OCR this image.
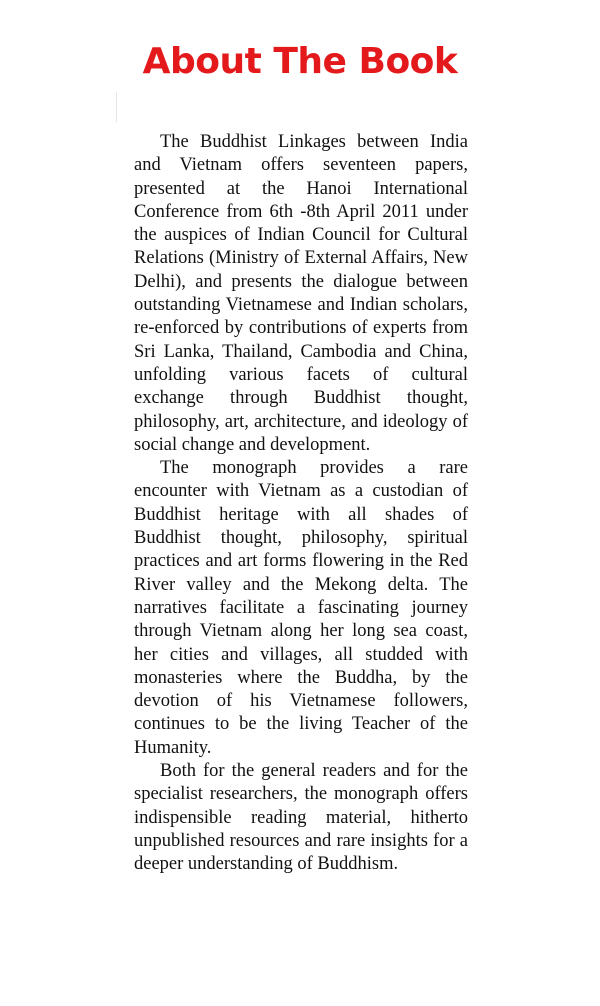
About The Book

The Buddhist Linkages between India and Vietnam offers seventeen papers, presented at the Hanoi International Conference from 6th -8th April 2011 under the auspices of Indian Council for Cultural Relations (Ministry of External Affairs, New Delhi), and presents the dialogue between outstanding Vietnamese and Indian scholars, re-enforced by contributions of experts from Sri Lanka, Thailand, Cambodia and China, unfolding various facets of cultural exchange through Buddhist thought, philosophy, art, architecture, and ideology of social change and development.

The monograph provides a rare encounter with Vietnam as a custodian of Buddhist heritage with all shades of Buddhist thought, philosophy, spiritual practices and art forms flowering in the Red River valley and the Mekong delta. The narratives facilitate a fascinating journey through Vietnam along her long sea coast, her cities and villages, all studded with monasteries where the Buddha, by the devotion of his Vietnamese followers, continues to be the living Teacher of the Humanity.

Both for the general readers and for the specialist researchers, the monograph offers indispensible reading material, hitherto unpublished resources and rare insights for a deeper understanding of Buddhism.
